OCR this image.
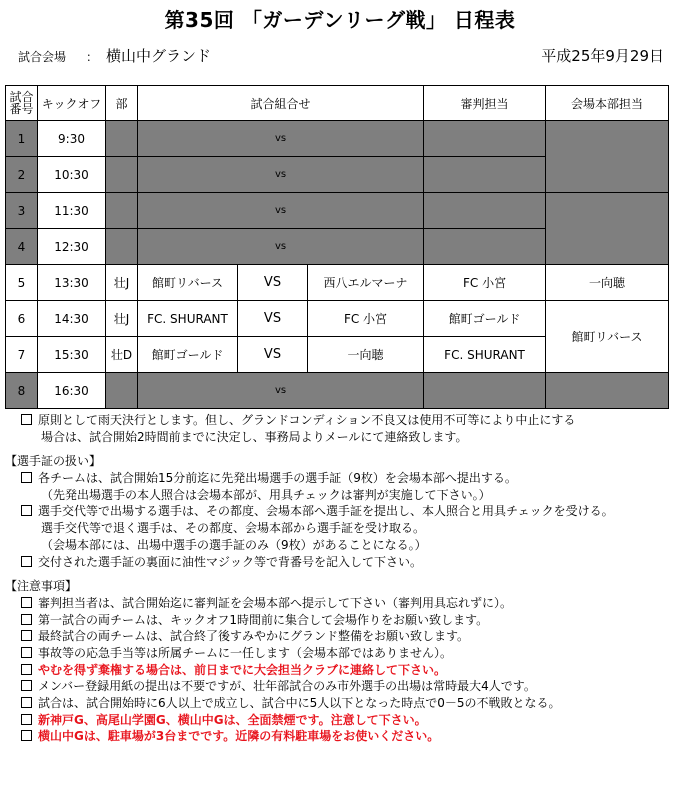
第35回 「ガーデンリーグ戦」 日程表
試合会場 ： 横山中グランド	平成25年9月29日
試合
番号	キックオフ	部	試合組合せ			審判担当	会場本部担当
1	9:30		vs				
2	10:30		vs				
3	11:30		vs				
4	12:30		vs				
5	13:30	壮J	館町リバース	VS	西八エルマーナ	FC 小宮	一向聴
6	14:30	壮J	FC. SHURANT	VS	FC 小宮	館町ゴールド	館町リバース
7	15:30	壮D	館町ゴールド	VS	一向聴	FC. SHURANT	
8	16:30		vs				
原則として雨天決行とします。但し、グランドコンディション不良又は使用不可等により中止にする
場合は、試合開始2時間前までに決定し、事務局よりメールにて連絡致します。
【選手証の扱い】
各チームは、試合開始15分前迄に先発出場選手の選手証（9枚）を会場本部へ提出する。
（先発出場選手の本人照合は会場本部が、用具チェックは審判が実施して下さい。）
選手交代等で出場する選手は、その都度、会場本部へ選手証を提出し、本人照合と用具チェックを受ける。
選手交代等で退く選手は、その都度、会場本部から選手証を受け取る。
（会場本部には、出場中選手の選手証のみ（9枚）があることになる。）
交付された選手証の裏面に油性マジック等で背番号を記入して下さい。
【注意事項】
審判担当者は、試合開始迄に審判証を会場本部へ提示して下さい（審判用具忘れずに）。
第一試合の両チームは、キックオフ1時間前に集合して会場作りをお願い致します。
最終試合の両チームは、試合終了後すみやかにグランド整備をお願い致します。
事故等の応急手当等は所属チームに一任します（会場本部ではありません）。
やむを得ず棄権する場合は、前日までに大会担当クラブに連絡して下さい。
メンバー登録用紙の提出は不要ですが、壮年部試合のみ市外選手の出場は常時最大4人です。
試合は、試合開始時に6人以上で成立し、試合中に5人以下となった時点で0－5の不戦敗となる。
新神戸G、高尾山学園G、横山中Gは、全面禁煙です。注意して下さい。
横山中Gは、駐車場が3台までです。近隣の有料駐車場をお使いください。
